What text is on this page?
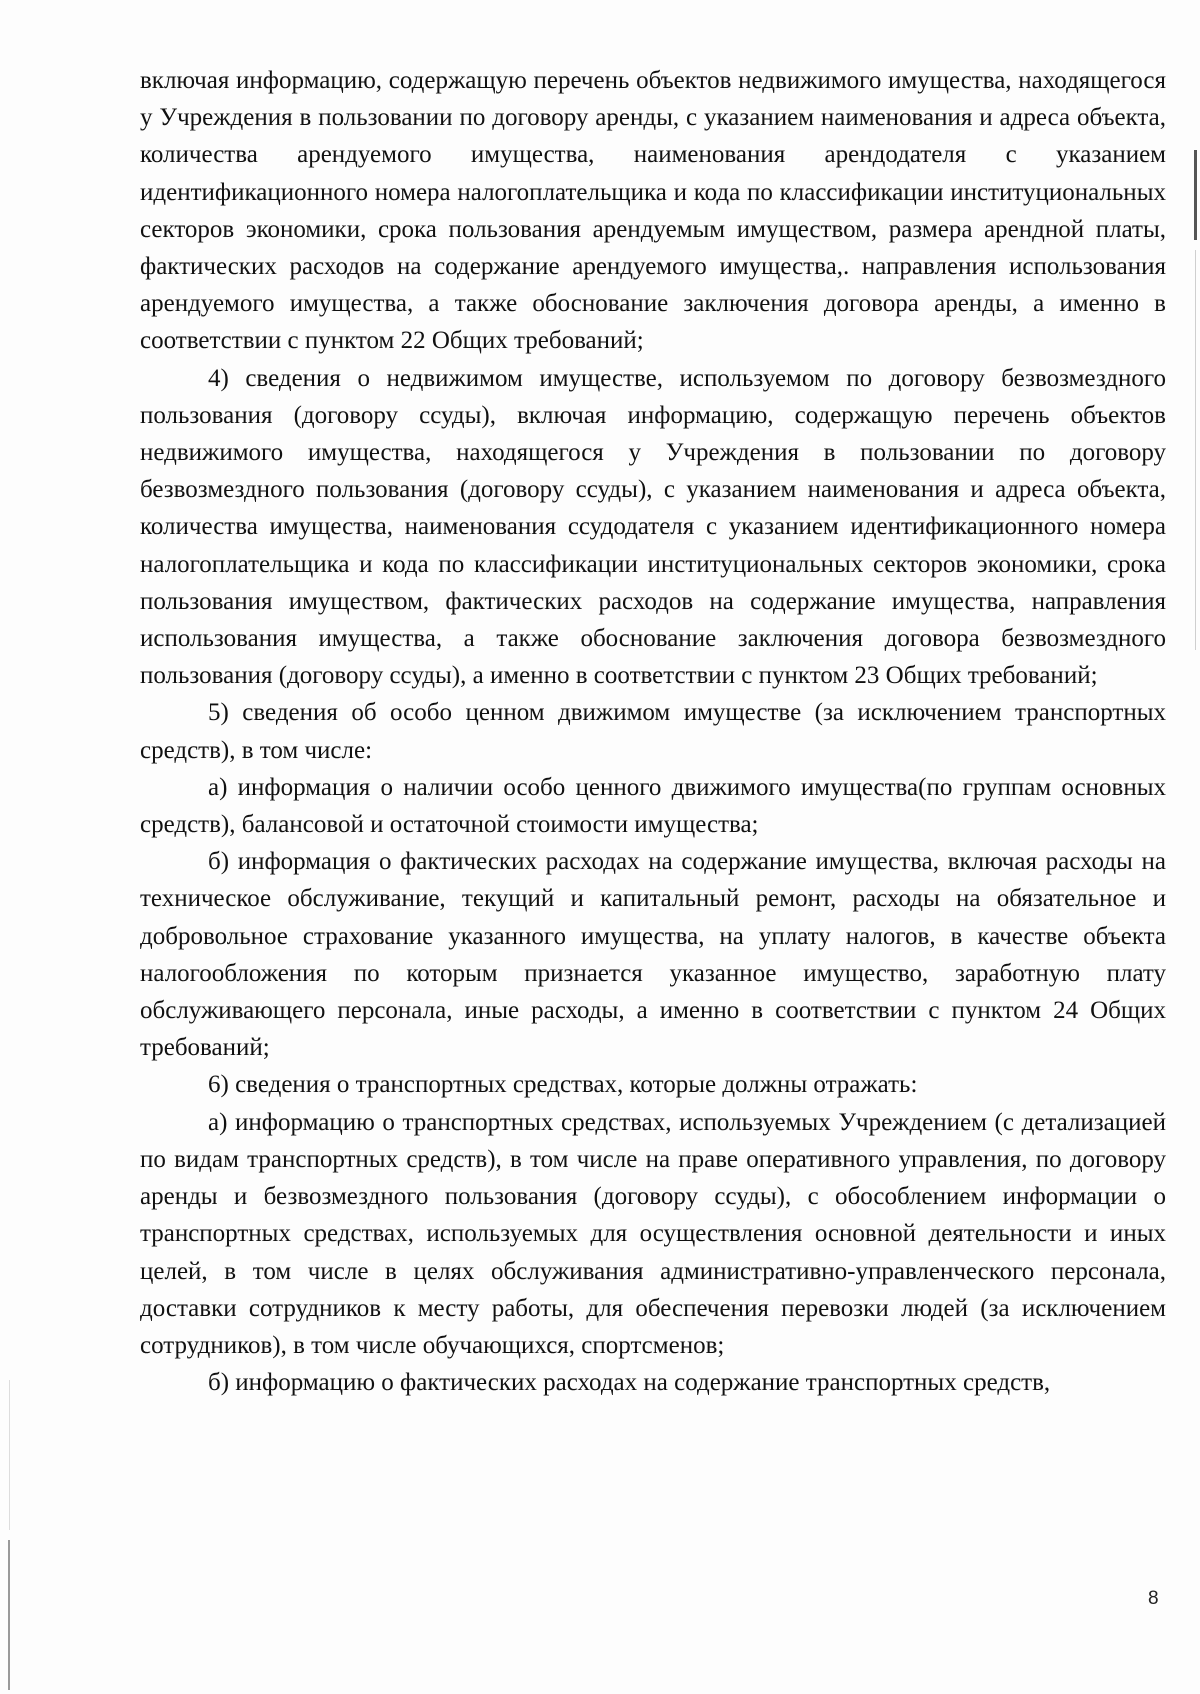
включая информацию, содержащую перечень объектов недвижимого имущества, находящегося у Учреждения в пользовании по договору аренды, с указанием наименования и адреса объекта, количества арендуемого имущества, наименования арендодателя с указанием идентификационного номера налогоплательщика и кода по классификации институциональных секторов экономики, срока пользования арендуемым имуществом, размера арендной платы, фактических расходов на содержание арендуемого имущества,. направления использования арендуемого имущества, а также обоснование заключения договора аренды, а именно в соответствии с пунктом 22 Общих требований;

4) сведения о недвижимом имуществе, используемом по договору безвозмездного пользования (договору ссуды), включая информацию, содержащую перечень объектов недвижимого имущества, находящегося у Учреждения в пользовании по договору безвозмездного пользования (договору ссуды), с указанием наименования и адреса объекта, количества имущества, наименования ссудодателя с указанием идентификационного номера налогоплательщика и кода по классификации институциональных секторов экономики, срока пользования имуществом, фактических расходов на содержание имущества, направления использования имущества, а также обоснование заключения договора безвозмездного пользования (договору ссуды), а именно в соответствии с пунктом 23 Общих требований;

5) сведения об особо ценном движимом имуществе (за исключением транспортных средств), в том числе:

а) информация о наличии особо ценного движимого имущества(по группам основных средств), балансовой и остаточной стоимости имущества;

б) информация о фактических расходах на содержание имущества, включая расходы на техническое обслуживание, текущий и капитальный ремонт, расходы на обязательное и добровольное страхование указанного имущества, на уплату налогов, в качестве объекта налогообложения по которым признается указанное имущество, заработную плату обслуживающего персонала, иные расходы, а именно в соответствии с пунктом 24 Общих требований;

6) сведения о транспортных средствах, которые должны отражать:

а) информацию о транспортных средствах, используемых Учреждением (с детализацией по видам транспортных средств), в том числе на праве оперативного управления, по договору аренды и безвозмездного пользования (договору ссуды), с обособлением информации о транспортных средствах, используемых для осуществления основной деятельности и иных целей, в том числе в целях обслуживания административно-управленческого персонала, доставки сотрудников к месту работы, для обеспечения перевозки людей (за исключением сотрудников), в том числе обучающихся, спортсменов;

б) информацию о фактических расходах на содержание транспортных средств,

8
